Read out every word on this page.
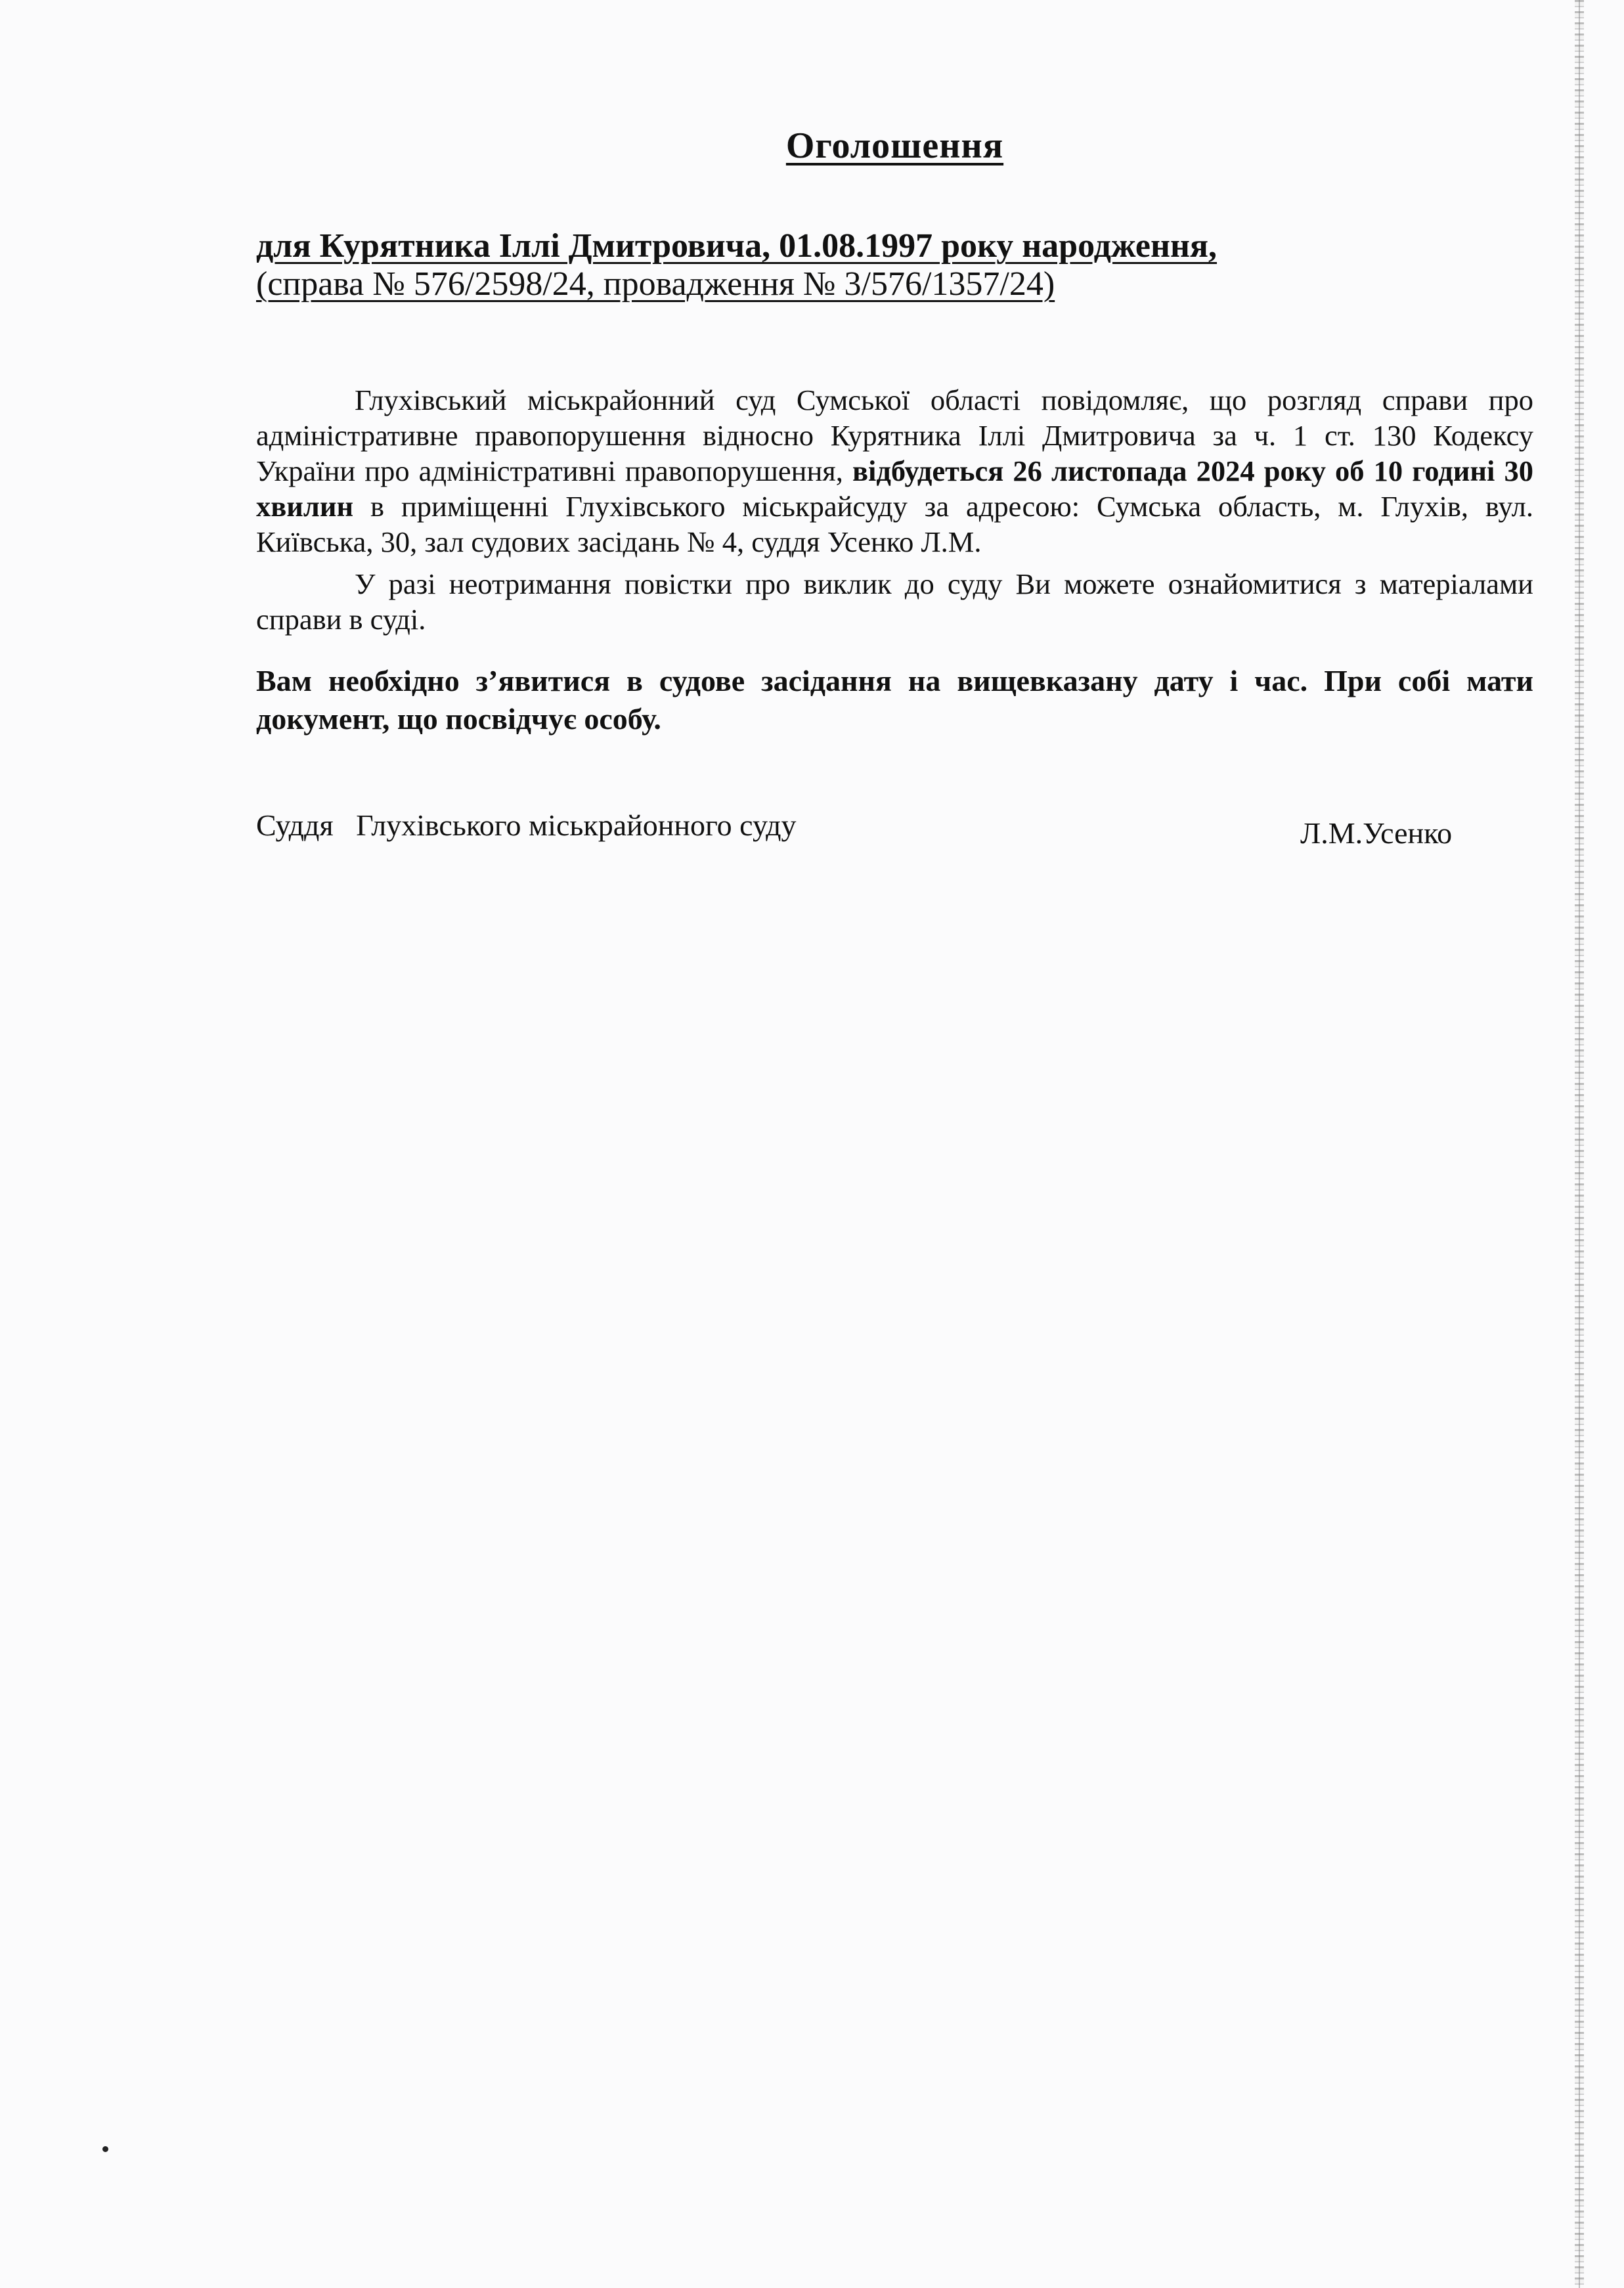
Оголошення

для Курятника Іллі Дмитровича, 01.08.1997 року народження,

(справа № 576/2598/24, провадження № 3/576/1357/24)

Глухівський міськрайонний суд Сумської області повідомляє, що розгляд справи про адміністративне правопорушення відносно Курятника Іллі Дмитровича за ч. 1 ст. 130 Кодексу України про адміністративні правопорушення, відбудеться 26 листопада 2024 року об 10 годині 30 хвилин в приміщенні Глухівського міськрайсуду за адресою: Сумська область, м. Глухів, вул. Київська, 30, зал судових засідань № 4, суддя Усенко Л.М.

У разі неотримання повістки про виклик до суду Ви можете ознайомитися з матеріалами справи в суді.

Вам необхідно з’явитися в судове засідання на вищевказану дату і час. При собі мати документ, що посвідчує особу.

Суддя   Глухівського міськрайонного суду	Л.М.Усенко
